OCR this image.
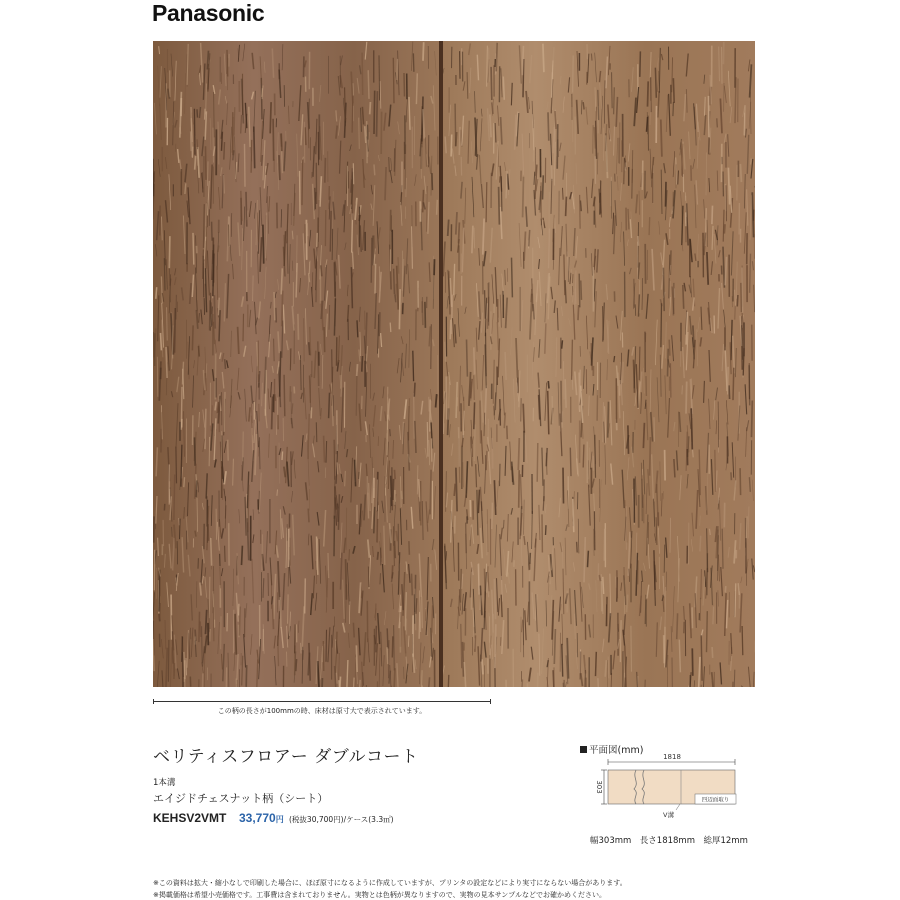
Panasonic
この柄の長さが100mmの時、床材は原寸大で表示されています。
ベリティスフロアー ダブルコート
1本溝
エイジドチェスナット柄（シート）
KEHSV2VMT 33,770円 (税抜30,700円)/ケース(3.3㎡)
平面図(mm)
1818
303
V溝
四辺面取り
幅303mm　長さ1818mm　総厚12mm
※この資料は拡大・縮小なしで印刷した場合に、ほぼ原寸になるように作成していますが、プリンタの設定などにより実寸にならない場合があります。
※掲載価格は希望小売価格です。工事費は含まれておりません。実物とは色柄が異なりますので、実物の見本サンプルなどでお確かめください。
